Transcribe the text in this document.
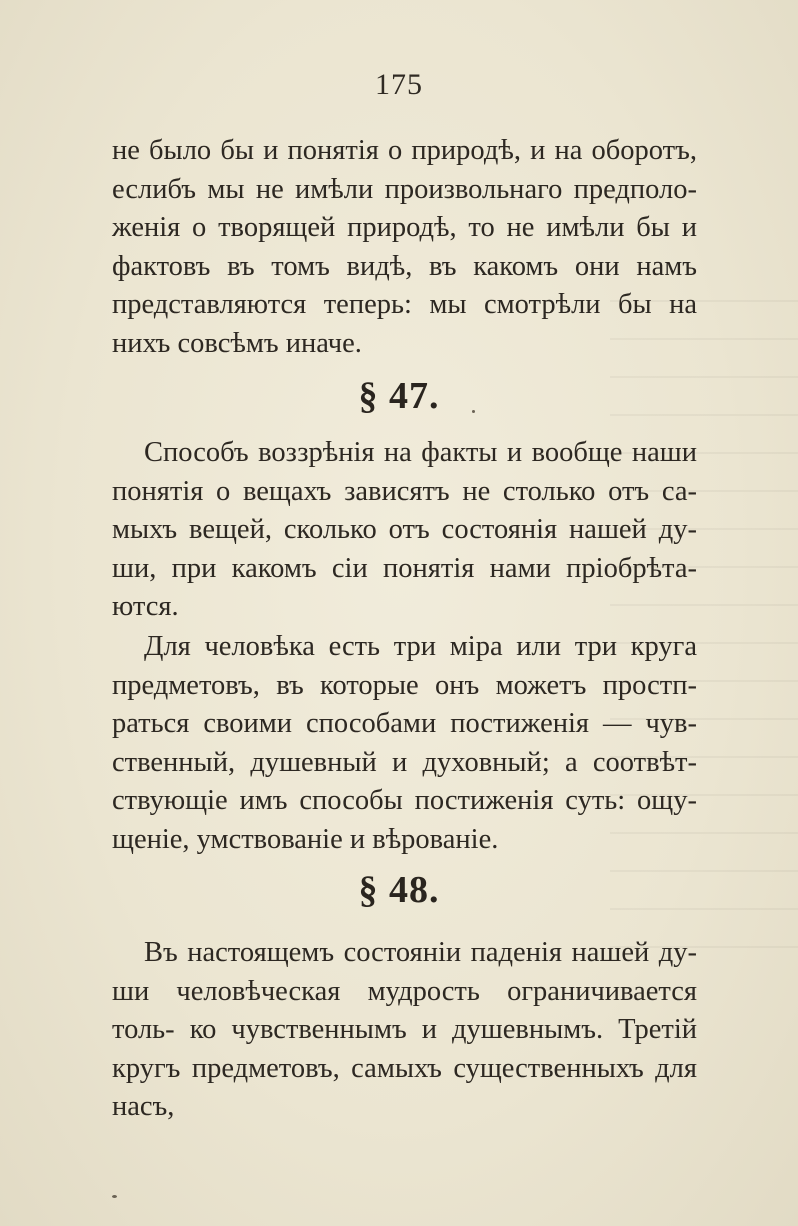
175

не было бы и понятія о природѣ, и на оборотъ, еслибъ мы не имѣли произвольнаго предполо- женія о творящей природѣ, то не имѣли бы и фактовъ въ томъ видѣ, въ какомъ они намъ представляются теперь: мы смотрѣли бы на нихъ совсѣмъ иначе.

§ 47.

Способъ воззрѣнія на факты и вообще наши понятія о вещахъ зависятъ не столько отъ са- мыхъ вещей, сколько отъ состоянія нашей ду- ши, при какомъ сіи понятія нами пріобрѣта- ются.

Для человѣка есть три міра или три круга предметовъ, въ которые онъ можетъ простп- раться своими способами постиженія — чув- ственный, душевный и духовный; а соотвѣт- ствующіе имъ способы постиженія суть: ощу- щеніе, умствованіе и вѣрованіе.

§ 48.

Въ настоящемъ состояніи паденія нашей ду- ши человѣческая мудрость ограничивается толь- ко чувственнымъ и душевнымъ. Третій кругъ предметовъ, самыхъ существенныхъ для насъ,
